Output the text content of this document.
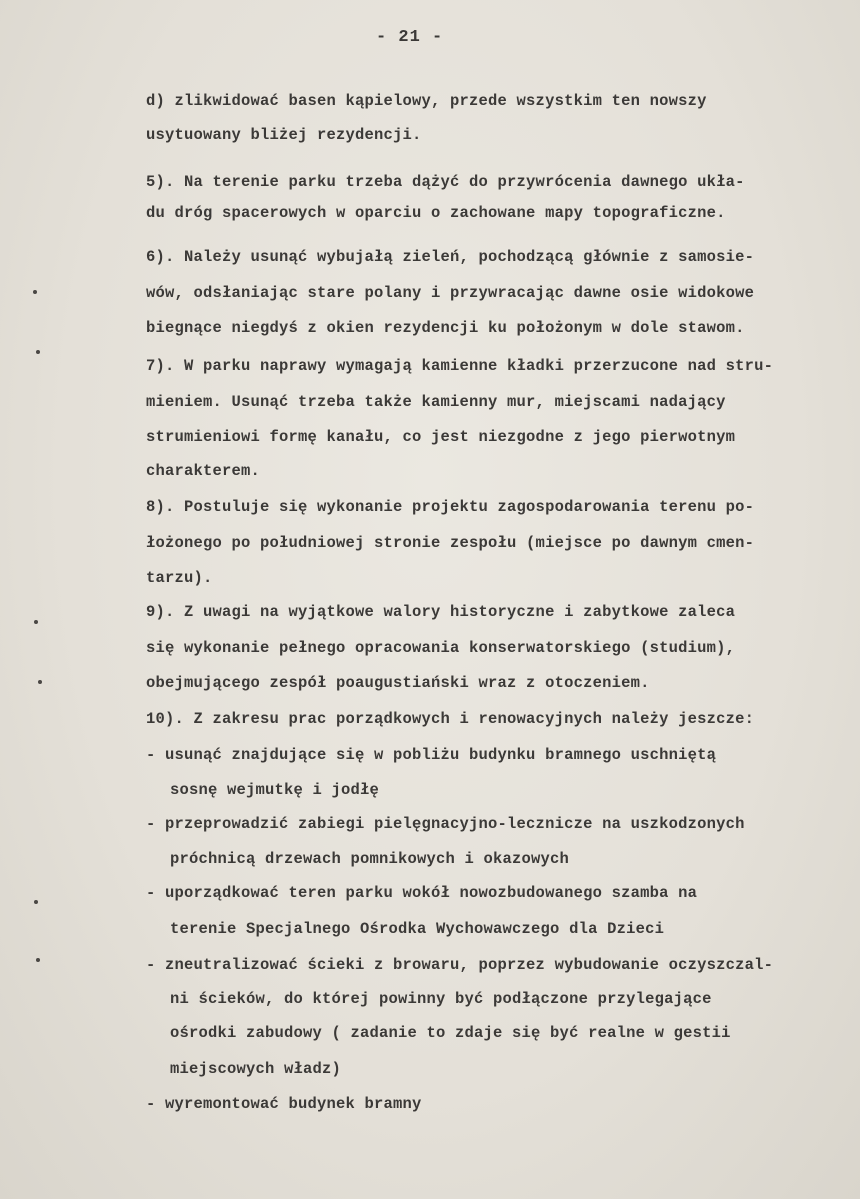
- 21 -
d) zlikwidować basen kąpielowy, przede wszystkim ten nowszy
usytuowany bliżej rezydencji.
5). Na terenie parku trzeba dążyć do przywrócenia dawnego ukła-
du dróg spacerowych w oparciu o zachowane mapy topograficzne.
6). Należy usunąć wybujałą zieleń, pochodzącą głównie z samosie-
wów, odsłaniając stare polany i przywracając dawne osie widokowe
biegnące niegdyś z okien rezydencji ku położonym w dole stawom.
7). W parku naprawy wymagają kamienne kładki przerzucone nad stru-
mieniem. Usunąć trzeba także kamienny mur, miejscami nadający
strumieniowi formę kanału, co jest niezgodne z jego pierwotnym
charakterem.
8). Postuluje się wykonanie projektu zagospodarowania terenu po-
łożonego po południowej stronie zespołu (miejsce po dawnym cmen-
tarzu).
9). Z uwagi na wyjątkowe walory historyczne i zabytkowe zaleca
się wykonanie pełnego opracowania konserwatorskiego (studium),
obejmującego zespół poaugustiański wraz z otoczeniem.
10). Z zakresu prac porządkowych i renowacyjnych należy jeszcze:
- usunąć znajdujące się w pobliżu budynku bramnego uschniętą
sosnę wejmutkę i jodłę
- przeprowadzić zabiegi pielęgnacyjno-lecznicze na uszkodzonych
próchnicą drzewach pomnikowych i okazowych
- uporządkować teren parku wokół nowozbudowanego szamba na
terenie Specjalnego Ośrodka Wychowawczego dla Dzieci
- zneutralizować ścieki z browaru, poprzez wybudowanie oczyszczal-
ni ścieków, do której powinny być podłączone przylegające
ośrodki zabudowy ( zadanie to zdaje się być realne w gestii
miejscowych władz)
- wyremontować budynek bramny
